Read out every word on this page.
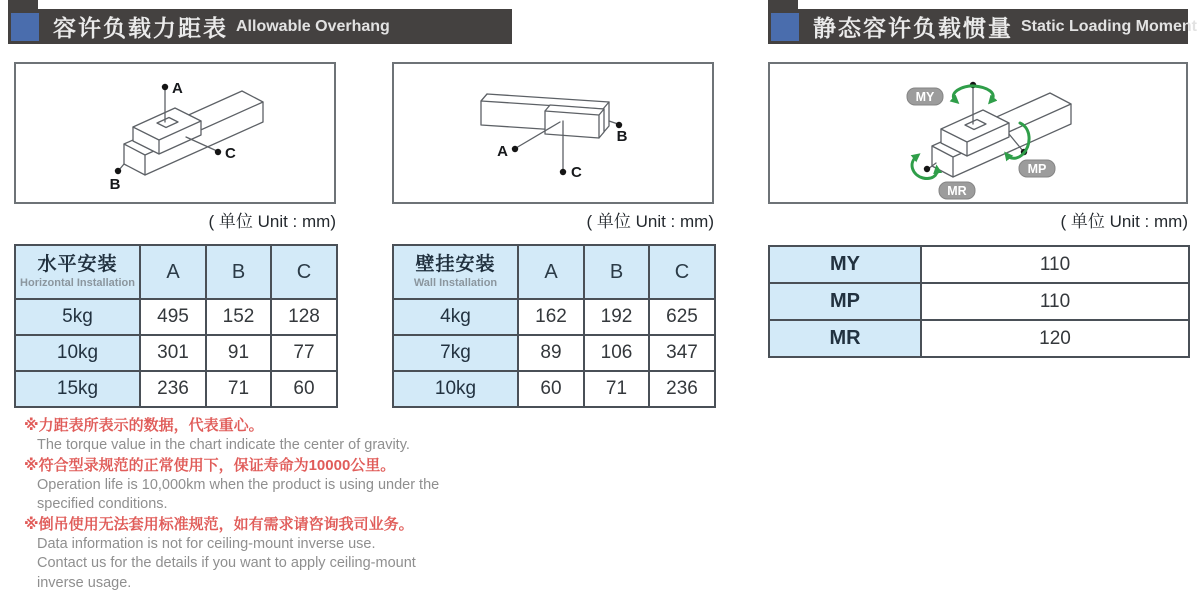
容许负载力距表 Allowable Overhang	静态容许负载惯量 Static Loading Moment
A
C
B
( 单位 Unit : mm)
A
C
B
( 单位 Unit : mm)
MY
MP
MR
( 单位 Unit : mm)
水平安装
Horizontal Installation	A	B	C
5kg	495	152	128
10kg	301	91	77
15kg	236	71	60
壁挂安装
Wall Installation	A	B	C
4kg	162	192	625
7kg	89	106	347
10kg	60	71	236
MY	110
MP	110
MR	120
※力距表所表示的数据，代表重心。
The torque value in the chart indicate the center of gravity.
※符合型录规范的正常使用下，保证寿命为10000公里。
Operation life is 10,000km when the product is using under the
specified conditions.
※倒吊使用无法套用标准规范，如有需求请咨询我司业务。
Data information is not for ceiling-mount inverse use.
Contact us for the details if you want to apply ceiling-mount
inverse usage.
